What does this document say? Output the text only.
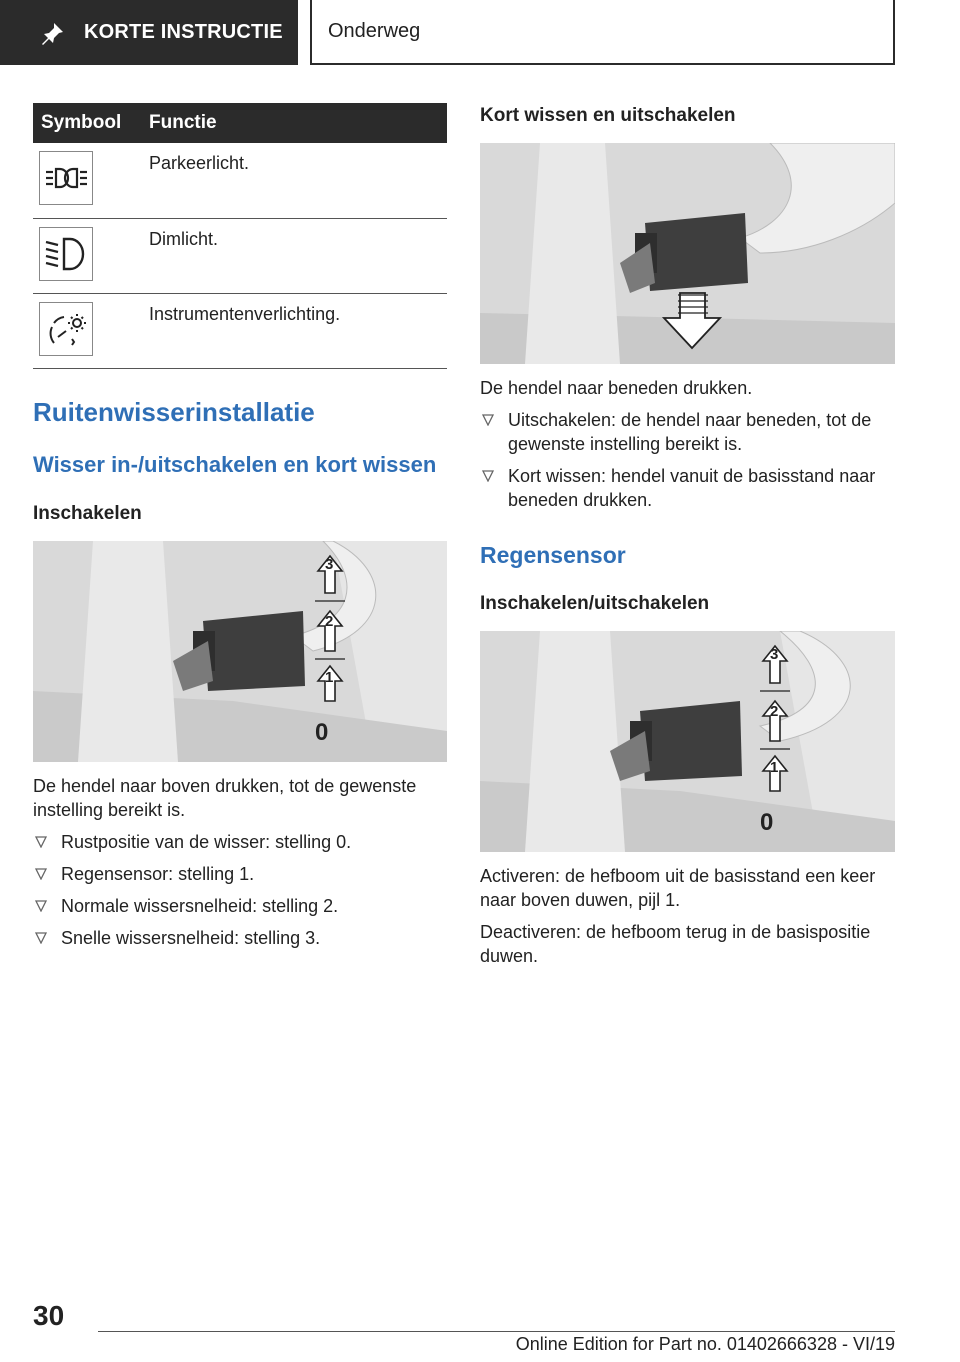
KORTE INSTRUCTIE Onderweg
Symbool	Functie

	Parkeerlicht.

	Dimlicht.

	Instrumentenverlichting.
Ruitenwisserinstallatie
Wisser in-/uitschakelen en kort wissen
Inschakelen
3
2
1
0

De hendel naar boven drukken, tot de gewenste instelling bereikt is.

Rustpositie van de wisser: stelling 0.
Regensensor: stelling 1.
Normale wissersnelheid: stelling 2.
Snelle wissersnelheid: stelling 3.
Kort wissen en uitschakelen

De hendel naar beneden drukken.

Uitschakelen: de hendel naar beneden, tot de gewenste instelling bereikt is.
Kort wissen: hendel vanuit de basisstand naar beneden drukken.
Regensensor
Inschakelen/uitschakelen
3
2
1
0

Activeren: de hefboom uit de basisstand een keer naar boven duwen, pijl 1.

Deactiveren: de hefboom terug in de basispositie duwen.

30
Online Edition for Part no. 01402666328 - VI/19
